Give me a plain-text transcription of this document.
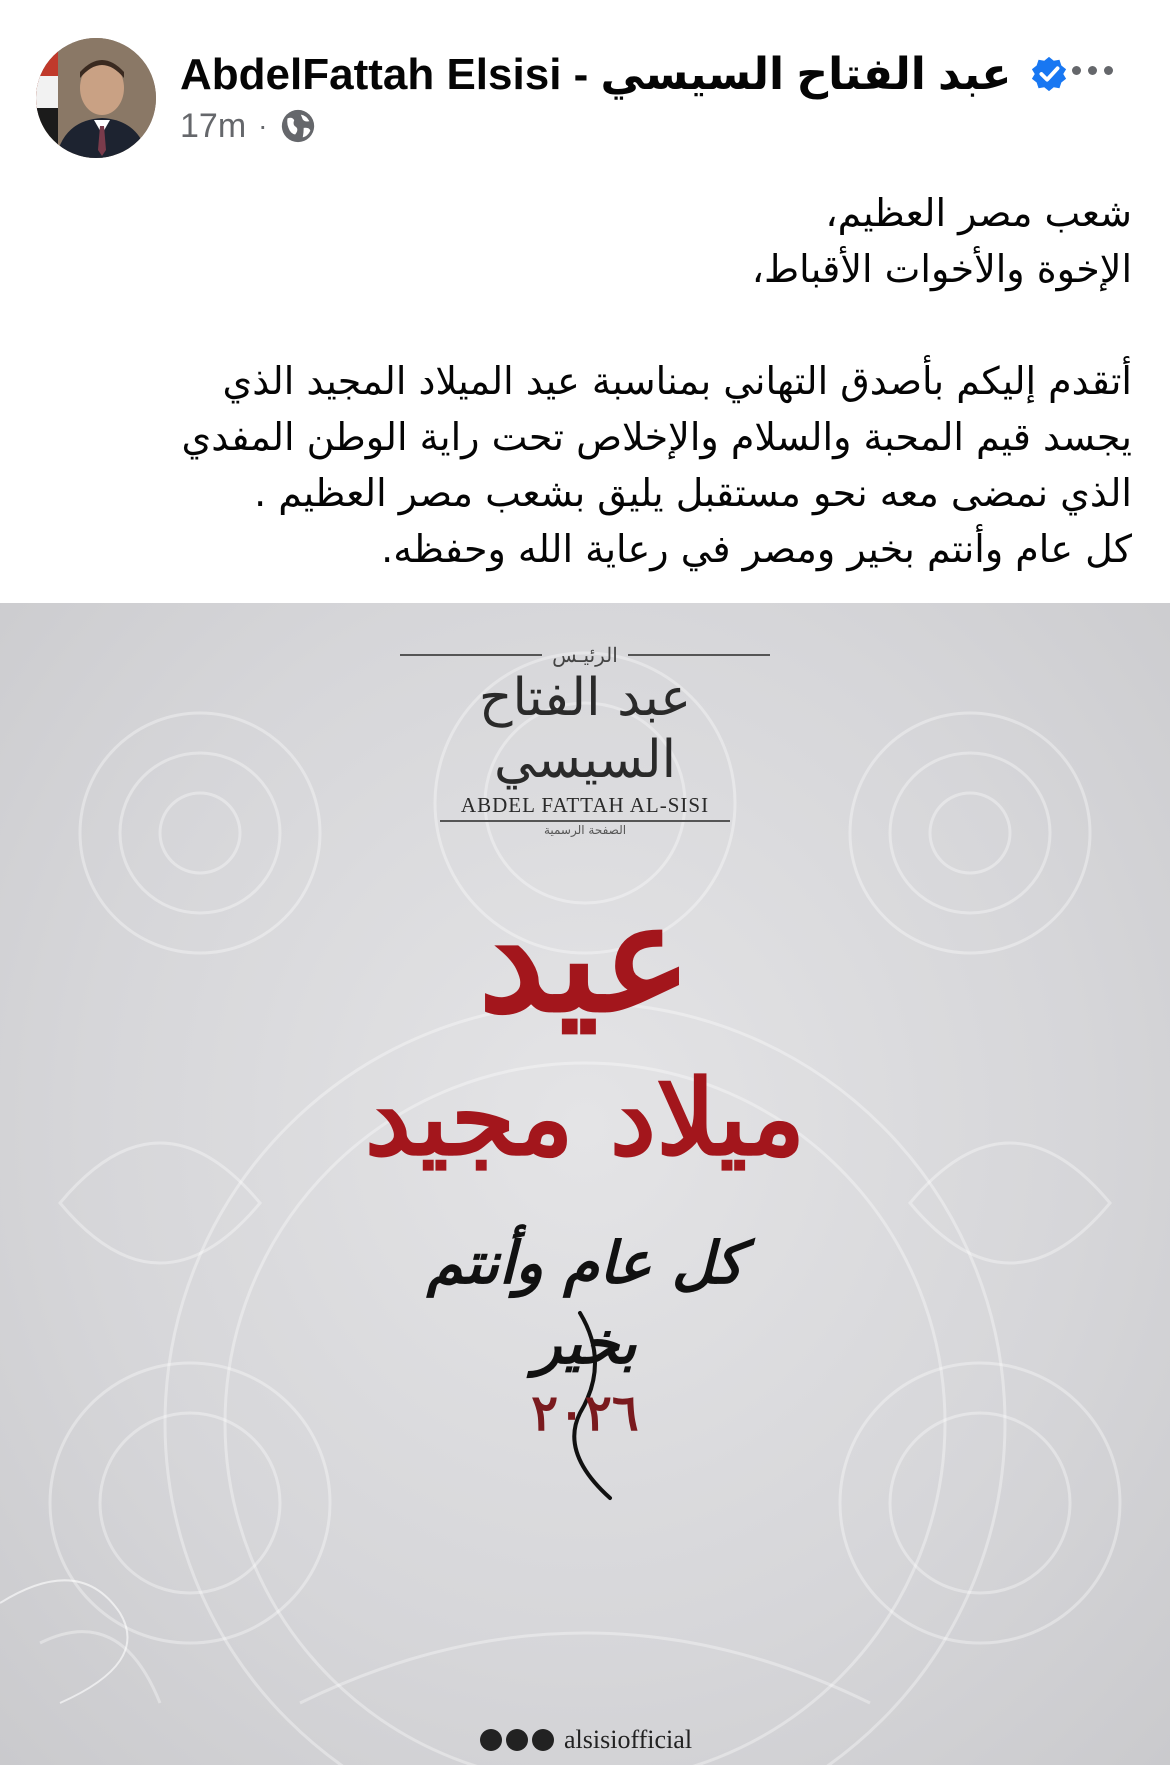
AbdelFattah Elsisi - عبد الفتاح السيسي
17m ·

شعب مصر العظيم،

الإخوة والأخوات الأقباط،

أتقدم إليكم بأصدق التهاني بمناسبة عيد الميلاد المجيد الذي

يجسد قيم المحبة والسلام والإخلاص تحت راية الوطن المفدي

الذي نمضى معه نحو مستقبل يليق بشعب مصر العظيم .

كل عام وأنتم بخير ومصر في رعاية الله وحفظه.

الرئيـس
عبد الفتاح السيسي
ABDEL FATTAH AL-SISI
الصفحة الرسمية
عيد
ميلاد مجيد
كل عام وأنتم بخير
٢٠٢٦
alsisiofficial
